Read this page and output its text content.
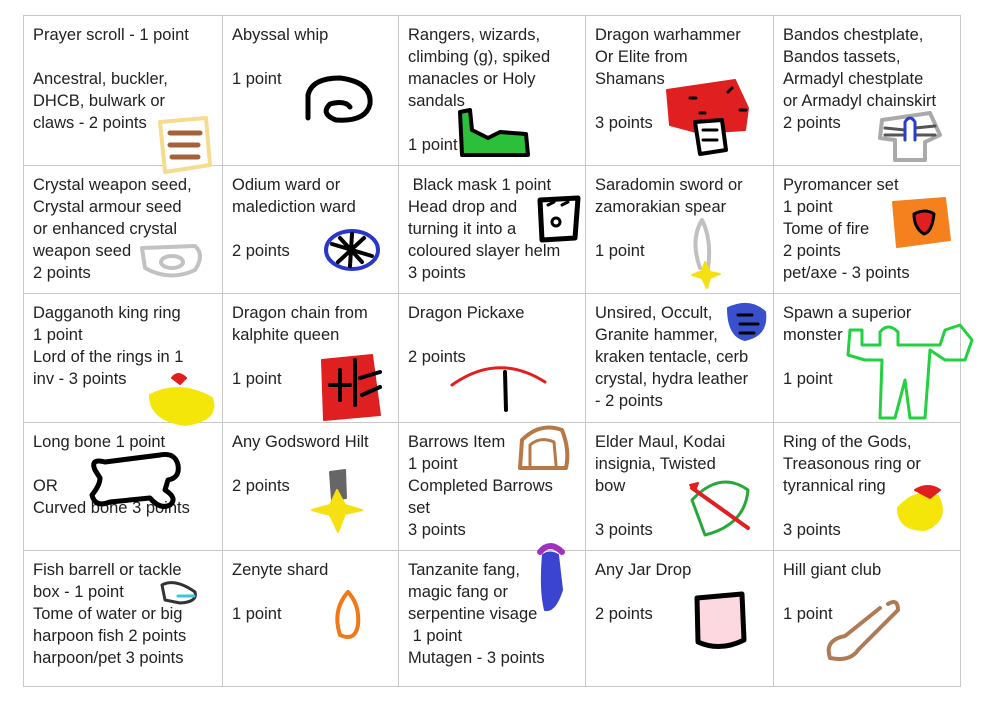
Prayer scroll - 1 point
Ancestral, buckler,
DHCB, bulwark or
claws - 2 points	Abyssal whip
1 point	Rangers, wizards,
climbing (g), spiked
manacles or Holy
sandals
1 point	Dragon warhammer
Or Elite from
Shamans
3 points	Bandos chestplate,
Bandos tassets,
Armadyl chestplate
or Armadyl chainskirt
2 points

Crystal weapon seed,
Crystal armour seed
or enhanced crystal
weapon seed
2 points	Odium ward or
malediction ward
2 points	Black mask 1 point
Head drop and
turning it into a
coloured slayer helm
3 points	Saradomin sword or
zamorakian spear
1 point	Pyromancer set
1 point
Tome of fire
2 points
pet/axe - 3 points

Dagganoth king ring
1 point
Lord of the rings in 1
inv - 3 points	Dragon chain from
kalphite queen
1 point	Dragon Pickaxe
2 points	Unsired, Occult,
Granite hammer,
kraken tentacle, cerb
crystal, hydra leather
- 2 points	Spawn a superior
monster
1 point

Long bone 1 point
OR
Curved bone 3 points	Any Godsword Hilt
2 points	Barrows Item
1 point
Completed Barrows
set
3 points	Elder Maul, Kodai
insignia, Twisted
bow
3 points	Ring of the Gods,
Treasonous ring or
tyrannical ring
3 points

Fish barrell or tackle
box - 1 point
Tome of water or big
harpoon fish 2 points
harpoon/pet 3 points	Zenyte shard
1 point	Tanzanite fang,
magic fang or
serpentine visage
1 point
Mutagen - 3 points	Any Jar Drop
2 points	Hill giant club
1 point
